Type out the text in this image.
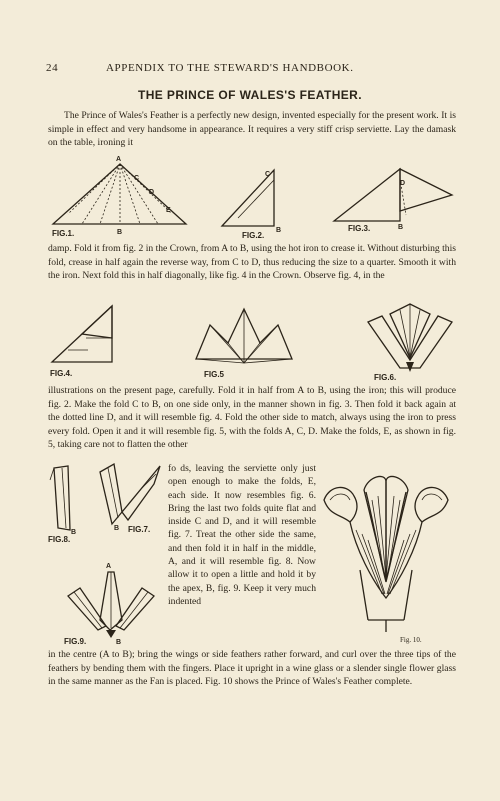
24	APPENDIX TO THE STEWARD'S HANDBOOK.
THE PRINCE OF WALES'S FEATHER.

The Prince of Wales's Feather is a perfectly new design, invented especially for the present work. It is simple in effect and very handsome in appearance. It requires a very stiff crisp serviette. Lay the damask on the table, ironing it

A
C
D
E
B
FIG.1.
C
B
FIG.2.
D
B
FIG.3.

damp. Fold it from fig. 2 in the Crown, from A to B, using the hot iron to crease it. Without disturbing this fold, crease in half again the reverse way, from C to D, thus reducing the size to a quarter. Smooth it with the iron. Next fold this in half diagonally, like fig. 4 in the Crown. Observe fig. 4, in the

FIG.4.	FIG.5	FIG.6.

illustrations on the present page, carefully. Fold it in half from A to B, using the iron; this will produce fig. 2. Make the fold C to B, on one side only, in the manner shown in fig. 3. Then fold it back again at the dotted line D, and it will resemble fig. 4. Fold the other side to match, always using the iron to press every fold. Open it and it will resemble fig. 5, with the folds A, C, D. Make the folds, E, as shown in fig. 5, taking care not to flatten the other

B
FIG.8.
B FIG.7.
A
FIG.9.	B

fo ds, leaving the serviette only just open enough to make the folds, E, each side. It now resembles fig. 6. Bring the last two folds quite flat and inside C and D, and it will resemble fig. 7. Treat the other side the same, and then fold it in half in the middle, A, and it will resemble fig. 8. Now allow it to open a little and hold it by the apex, B, fig. 9. Keep it very much indented

Fig. 10.

in the centre (A to B); bring the wings or side feathers rather forward, and curl over the three tips of the feathers by bending them with the fingers. Place it upright in a wine glass or a slender single flower glass in the same manner as the Fan is placed. Fig. 10 shows the Prince of Wales's Feather complete.
